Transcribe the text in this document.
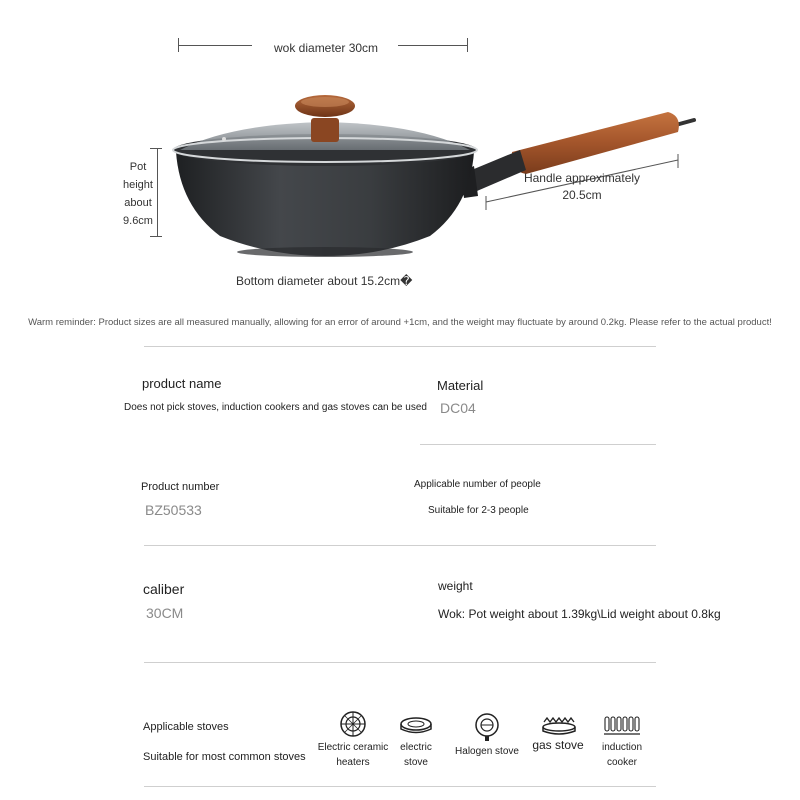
wok diameter 30cm
Pot
height
about
9.6cm
Handle approximately
20.5cm
Bottom diameter about 15.2cm�
Warm reminder: Product sizes are all measured manually, allowing for an error of around +1cm, and the weight may fluctuate by around 0.2kg. Please refer to the actual product!
product name
Does not pick stoves, induction cookers and gas stoves can be used
Material
DC04
Product number
BZ50533
Applicable number of people
Suitable for 2-3 people
caliber
30CM
weight
Wok: Pot weight about 1.39kg\Lid weight about 0.8kg
Applicable stoves
Suitable for most common stoves
Electric ceramic
heaters
electric
stove
Halogen stove	gas stove	induction
cooker
